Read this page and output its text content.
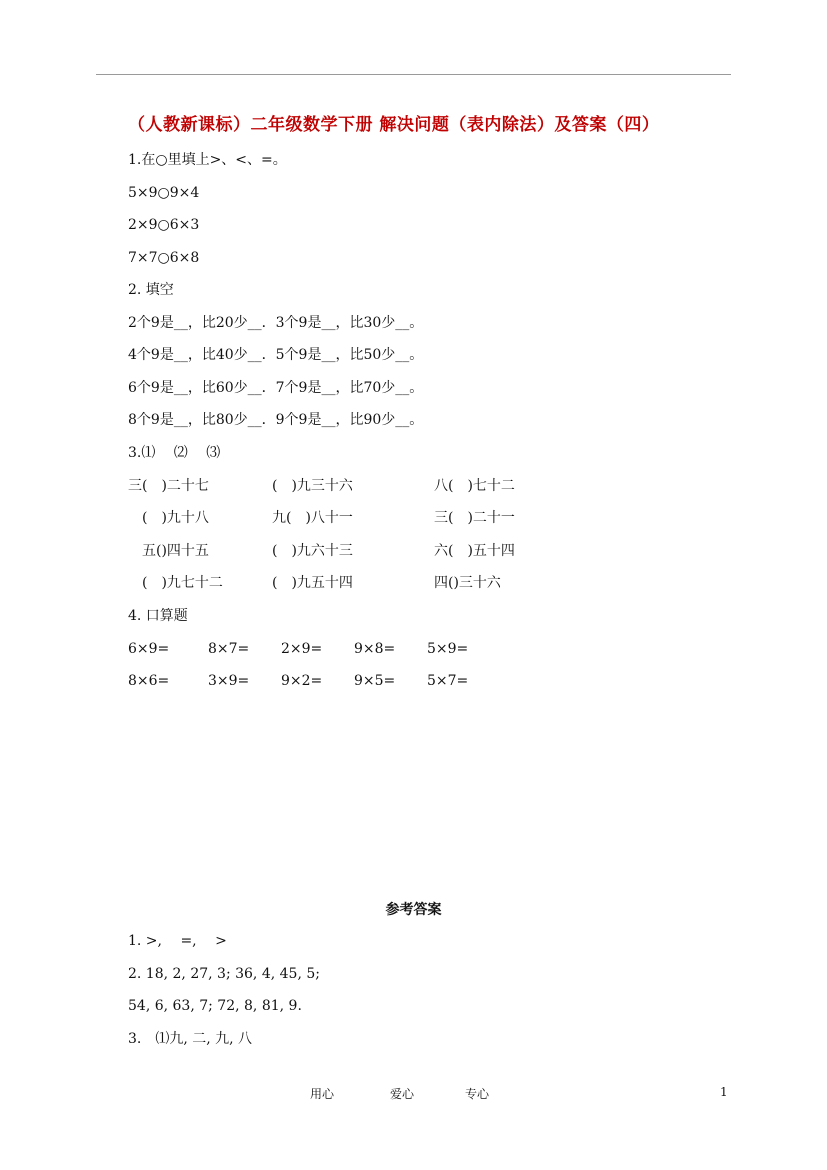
（人教新课标）二年级数学下册 解决问题（表内除法）及答案（四）
1.在○里填上>、<、=。
5×9○9×4
2×9○6×3
7×7○6×8
2. 填空
2个9是__，比20少__．3个9是__，比30少__。
4个9是__，比40少__．5个9是__，比50少__。
6个9是__，比60少__．7个9是__，比70少__。
8个9是__，比80少__．9个9是__，比90少__。
3.⑴　 ⑵　 ⑶
三(　)二十七	(　)九三十六	八(　)七十二
(　)九十八	九(　)八十一	三(　)二十一
五()四十五	(　)九六十三	六(　)五十四
(　)九七十二	(　)九五十四	四()三十六
4. 口算题
6×9=	8×7= 2×9= 9×8= 5×9=
8×6=	3×9= 9×2= 9×5= 5×7=
参考答案
1. >,　 =,　 >
2. 18, 2, 27, 3; 36, 4, 45, 5;
54, 6, 63, 7; 72, 8, 81, 9.
3.　⑴九, 二, 九, 八
用心	爱心	专心	1
